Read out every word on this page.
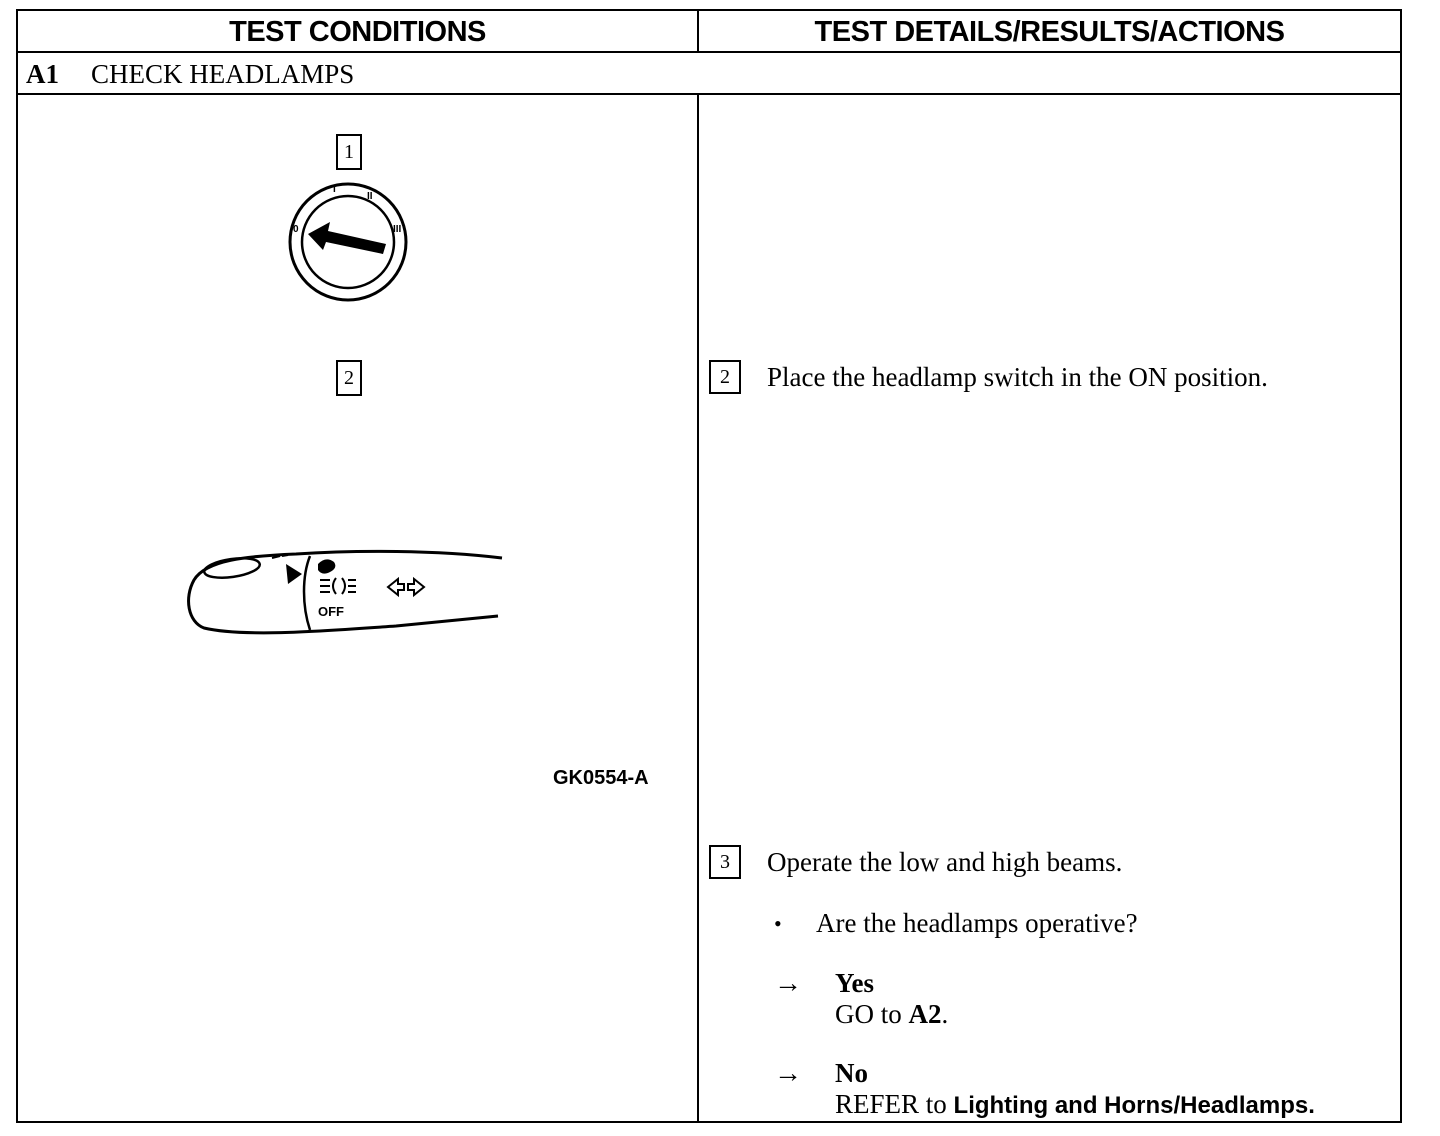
TEST CONDITIONS	TEST DETAILS/RESULTS/ACTIONS
A1 CHECK HEADLAMPS
1
0
I
II
III
2
OFF
GK0554-A
2	Place the headlamp switch in the ON position.
3	Operate the low and high beams.
• Are the headlamps operative?
→ Yes
GO to A2.
→ No
REFER to Lighting and Horns/Headlamps.
